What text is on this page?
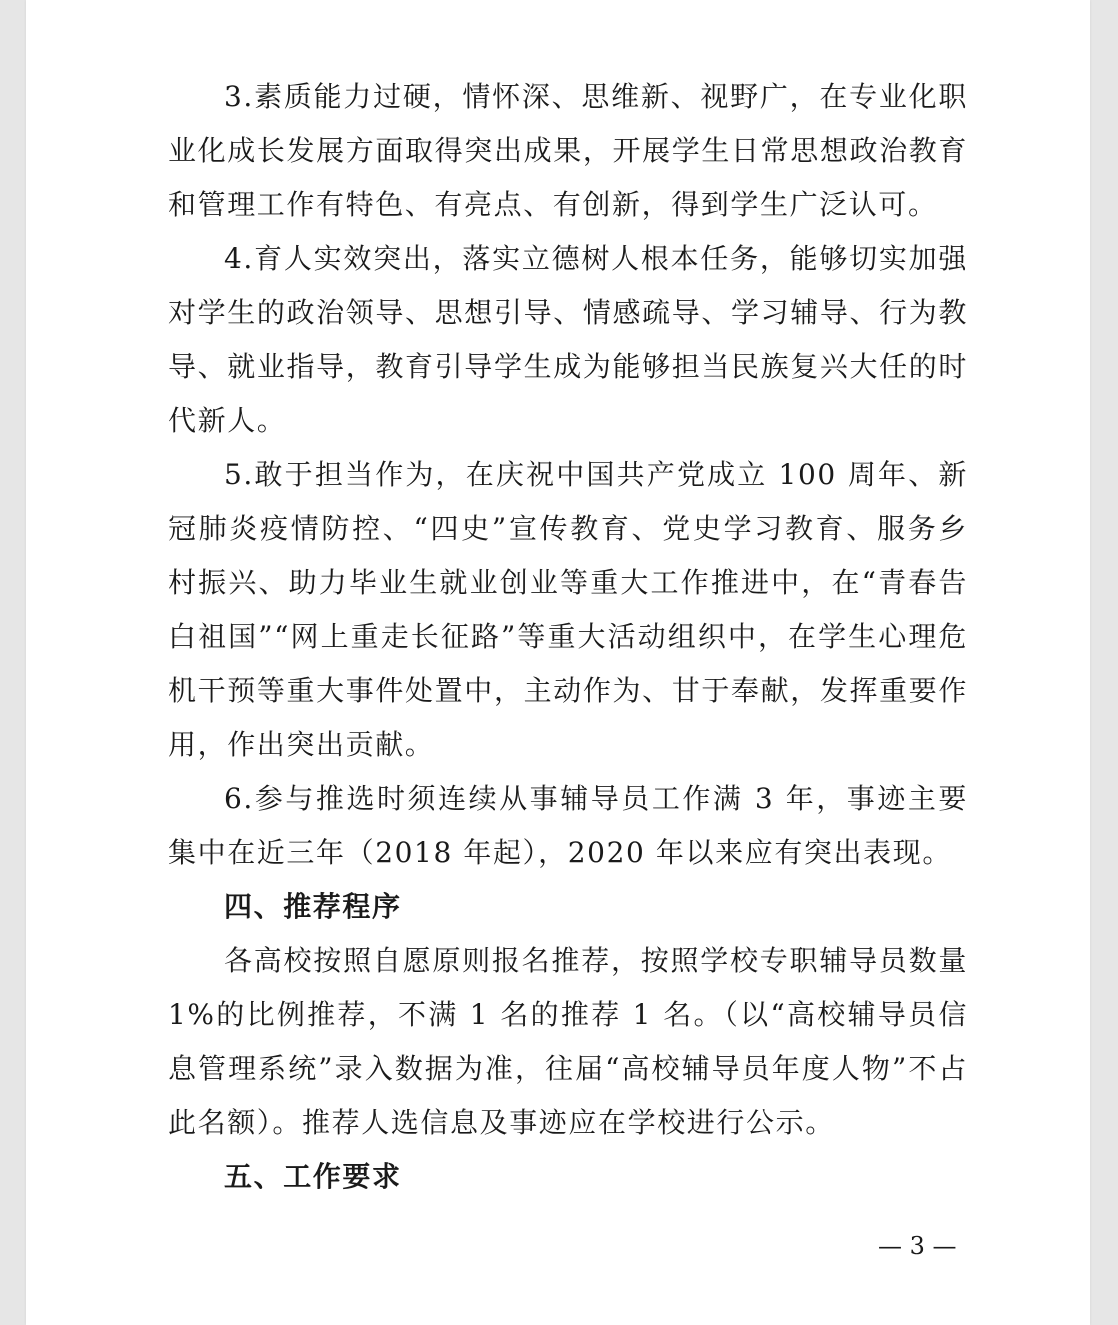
3.素质能力过硬，情怀深、思维新、视野广，在专业化职业化成长发展方面取得突出成果，开展学生日常思想政治教育和管理工作有特色、有亮点、有创新，得到学生广泛认可。

4.育人实效突出，落实立德树人根本任务，能够切实加强对学生的政治领导、思想引导、情感疏导、学习辅导、行为教导、就业指导，教育引导学生成为能够担当民族复兴大任的时代新人。

5.敢于担当作为，在庆祝中国共产党成立 100 周年、新冠肺炎疫情防控、“四史”宣传教育、党史学习教育、服务乡村振兴、助力毕业生就业创业等重大工作推进中，在“青春告白祖国”“网上重走长征路”等重大活动组织中，在学生心理危机干预等重大事件处置中，主动作为、甘于奉献，发挥重要作用，作出突出贡献。

6.参与推选时须连续从事辅导员工作满 3 年，事迹主要集中在近三年（2018 年起），2020 年以来应有突出表现。

四、推荐程序

各高校按照自愿原则报名推荐，按照学校专职辅导员数量1%的比例推荐，不满 1 名的推荐 1 名。（以“高校辅导员信息管理系统”录入数据为准，往届“高校辅导员年度人物”不占此名额）。推荐人选信息及事迹应在学校进行公示。

五、工作要求

— 3 —
